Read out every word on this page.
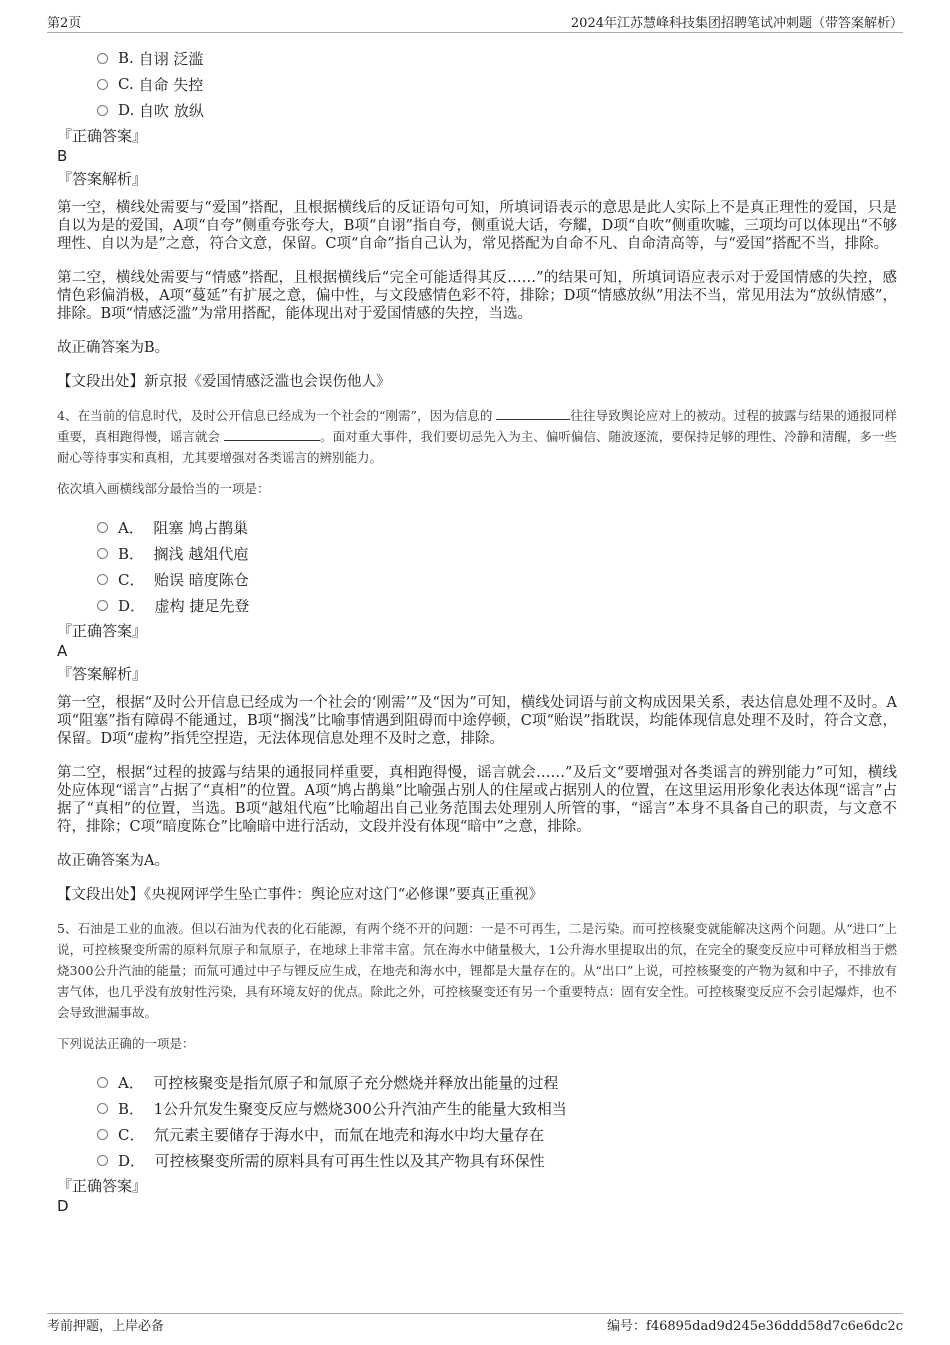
第2页	2024年江苏慧峰科技集团招聘笔试冲刺题（带答案解析）
B.
自诩 泛滥
C.
自命 失控
D.
自吹 放纵
『正确答案』
B
『答案解析』

第一空，横线处需要与“爱国”搭配，且根据横线后的反证语句可知，所填词语表示的意思是此人实际上不是真正理性的爱国，只是自以为是的爱国，A项“自夸”侧重夸张夸大，B项“自诩”指自夸，侧重说大话，夸耀，D项“自吹”侧重吹嘘，三项均可以体现出“不够理性、自以为是”之意，符合文意，保留。C项“自命”指自己认为，常见搭配为自命不凡、自命清高等，与“爱国”搭配不当，排除。

第二空，横线处需要与“情感”搭配，且根据横线后“完全可能适得其反……”的结果可知，所填词语应表示对于爱国情感的失控，感情色彩偏消极，A项“蔓延”有扩展之意，偏中性，与文段感情色彩不符，排除；D项“情感放纵”用法不当，常见用法为“放纵情感”，排除。B项“情感泛滥”为常用搭配，能体现出对于爱国情感的失控，当选。

故正确答案为B。

【文段出处】新京报《爱国情感泛滥也会误伤他人》
4、在当前的信息时代，及时公开信息已经成为一个社会的“刚需”，因为信息的	往往导致舆论应对上的被动。过程的披露与结果的通报同样重要，真相跑得慢，谣言就会	。面对重大事件，我们要切忌先入为主、偏听偏信、随波逐流，要保持足够的理性、冷静和清醒，多一些耐心等待事实和真相，尤其要增强对各类谣言的辨别能力。
依次填入画横线部分最恰当的一项是：
A．
阻塞 鸠占鹊巢
B．
搁浅 越俎代庖
C．
贻误 暗度陈仓
D．
虚构 捷足先登
『正确答案』
A
『答案解析』

第一空，根据“及时公开信息已经成为一个社会的‘刚需’”及“因为”可知，横线处词语与前文构成因果关系，表达信息处理不及时。A项“阻塞”指有障碍不能通过，B项“搁浅”比喻事情遇到阻碍而中途停顿，C项“贻误”指耽误，均能体现信息处理不及时，符合文意，保留。D项“虚构”指凭空捏造，无法体现信息处理不及时之意，排除。

第二空，根据“过程的披露与结果的通报同样重要，真相跑得慢，谣言就会……”及后文“要增强对各类谣言的辨别能力”可知，横线处应体现“谣言”占据了“真相”的位置。A项“鸠占鹊巢”比喻强占别人的住屋或占据别人的位置，在这里运用形象化表达体现“谣言”占据了“真相”的位置，当选。B项“越俎代庖”比喻超出自己业务范围去处理别人所管的事，“谣言”本身不具备自己的职责，与文意不符，排除；C项“暗度陈仓”比喻暗中进行活动，文段并没有体现“暗中”之意，排除。

故正确答案为A。

【文段出处】《央视网评学生坠亡事件：舆论应对这门“必修课”要真正重视》
5、石油是工业的血液。但以石油为代表的化石能源，有两个绕不开的问题：一是不可再生，二是污染。而可控核聚变就能解决这两个问题。从“进口”上说，可控核聚变所需的原料氘原子和氚原子，在地球上非常丰富。氘在海水中储量极大，1公升海水里提取出的氘，在完全的聚变反应中可释放相当于燃烧300公升汽油的能量；而氚可通过中子与锂反应生成，在地壳和海水中，锂都是大量存在的。从“出口”上说，可控核聚变的产物为氦和中子，不排放有害气体，也几乎没有放射性污染，具有环境友好的优点。除此之外，可控核聚变还有另一个重要特点：固有安全性。可控核聚变反应不会引起爆炸，也不会导致泄漏事故。
下列说法正确的一项是：
A．
可控核聚变是指氘原子和氚原子充分燃烧并释放出能量的过程
B．
1公升氘发生聚变反应与燃烧300公升汽油产生的能量大致相当
C．
氘元素主要储存于海水中，而氚在地壳和海水中均大量存在
D．
可控核聚变所需的原料具有可再生性以及其产物具有环保性
『正确答案』
D
考前押题，上岸必备	编号：f46895dad9d245e36ddd58d7c6e6dc2c
